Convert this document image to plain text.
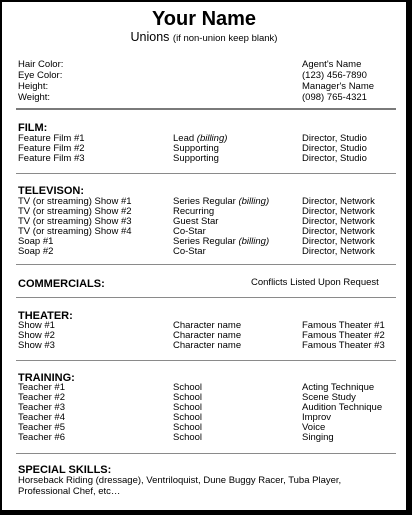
Your Name
Unions (if non-union keep blank)
Hair Color:
Eye Color:
Height:
Weight:
Agent's Name
(123) 456-7890
Manager's Name
(098) 765-4321
FILM:
Feature Film #1	Lead (billing)	Director, Studio
Feature Film #2	Supporting	Director, Studio
Feature Film #3	Supporting	Director, Studio
TELEVISON:
TV (or streaming) Show #1	Series Regular (billing)	Director, Network
TV (or streaming) Show #2	Recurring	Director, Network
TV (or streaming) Show #3	Guest Star	Director, Network
TV (or streaming) Show #4	Co-Star	Director, Network
Soap #1	Series Regular (billing)	Director, Network
Soap #2	Co-Star	Director, Network
COMMERCIALS:	Conflicts Listed Upon Request
THEATER:
Show #1	Character name	Famous Theater #1
Show #2	Character name	Famous Theater #2
Show #3	Character name	Famous Theater #3
TRAINING:
Teacher #1	School	Acting Technique
Teacher #2	School	Scene Study
Teacher #3	School	Audition Technique
Teacher #4	School	Improv
Teacher #5	School	Voice
Teacher #6	School	Singing
SPECIAL SKILLS:
Horseback Riding (dressage), Ventriloquist, Dune Buggy Racer, Tuba Player, Professional Chef, etc…
